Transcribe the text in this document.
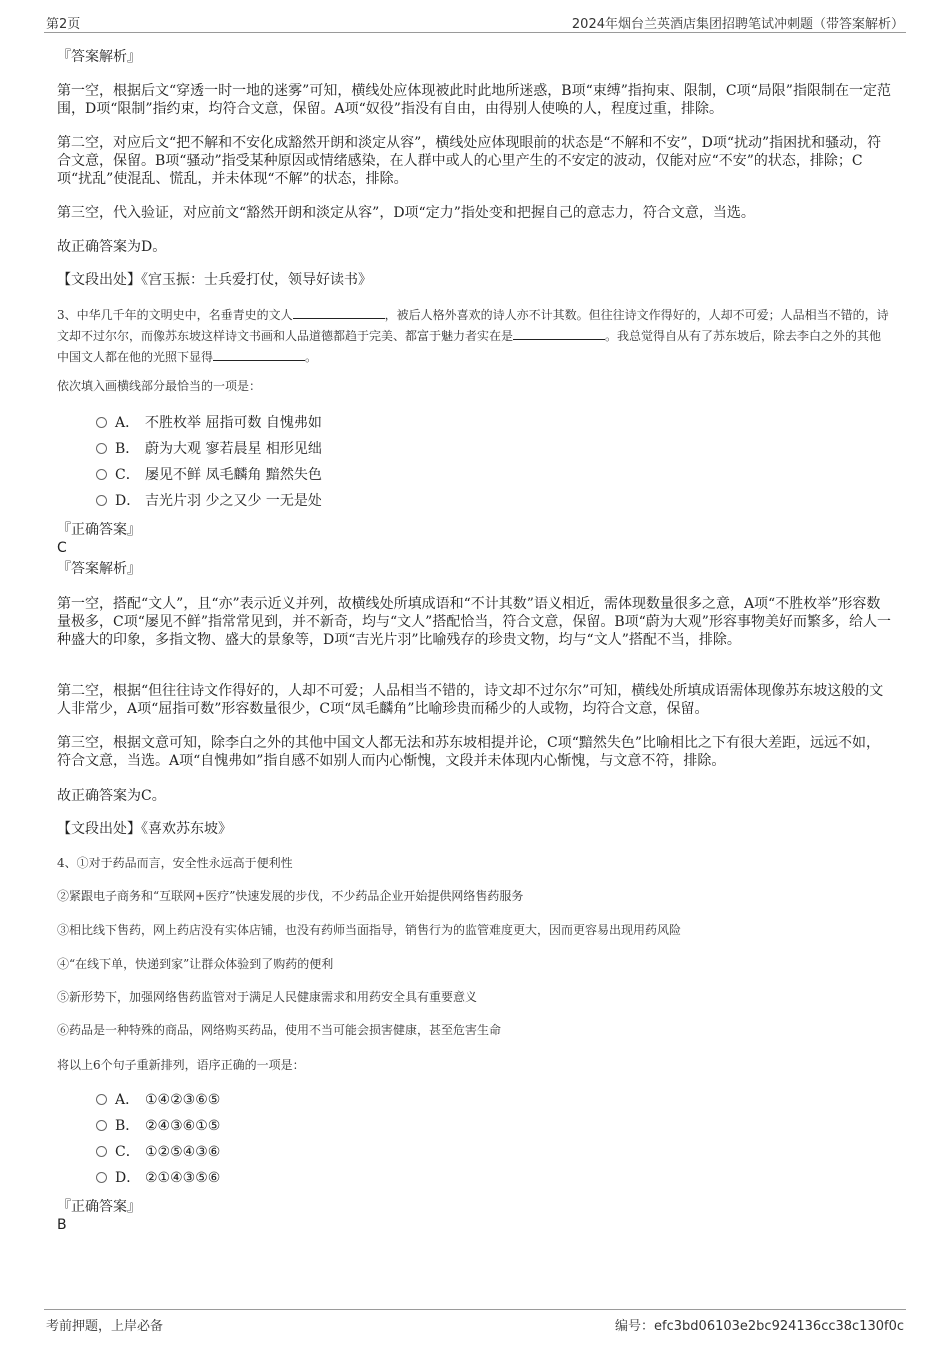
第2页	2024年烟台兰英酒店集团招聘笔试冲刺题（带答案解析）

『答案解析』

第一空，根据后文“穿透一时一地的迷雾”可知，横线处应体现被此时此地所迷惑，B项“束缚”指拘束、限制，C项“局限”指限制在一定范围，D项“限制”指约束，均符合文意，保留。A项“奴役”指没有自由，由得别人使唤的人，程度过重，排除。

第二空，对应后文“把不解和不安化成豁然开朗和淡定从容”，横线处应体现眼前的状态是“不解和不安”，D项“扰动”指困扰和骚动，符合文意，保留。B项“骚动”指受某种原因或情绪感染，在人群中或人的心里产生的不安定的波动，仅能对应“不安”的状态，排除；C项“扰乱”使混乱、慌乱，并未体现“不解”的状态，排除。

第三空，代入验证，对应前文“豁然开朗和淡定从容”，D项“定力”指处变和把握自己的意志力，符合文意，当选。

故正确答案为D。

【文段出处】《宫玉振：士兵爱打仗，领导好读书》

3、中华几千年的文明史中，名垂青史的文人	，被后人格外喜欢的诗人亦不计其数。但往往诗文作得好的，人却不可爱；人品相当不错的，诗文却不过尔尔，而像苏东坡这样诗文书画和人品道德都趋于完美、都富于魅力者实在是	。我总觉得自从有了苏东坡后，除去李白之外的其他中国文人都在他的光照下显得	。

依次填入画横线部分最恰当的一项是：

A． 不胜枚举 屈指可数 自愧弗如
B． 蔚为大观 寥若晨星 相形见绌
C． 屡见不鲜 凤毛麟角 黯然失色
D． 吉光片羽 少之又少 一无是处

『正确答案』

C

『答案解析』

第一空，搭配“文人”，且“亦”表示近义并列，故横线处所填成语和“不计其数”语义相近，需体现数量很多之意，A项“不胜枚举”形容数量极多，C项“屡见不鲜”指常常见到，并不新奇，均与“文人”搭配恰当，符合文意，保留。B项“蔚为大观”形容事物美好而繁多，给人一种盛大的印象，多指文物、盛大的景象等，D项“吉光片羽”比喻残存的珍贵文物，均与“文人”搭配不当，排除。

第二空，根据“但往往诗文作得好的，人却不可爱；人品相当不错的，诗文却不过尔尔”可知，横线处所填成语需体现像苏东坡这般的文人非常少，A项“屈指可数”形容数量很少，C项“凤毛麟角”比喻珍贵而稀少的人或物，均符合文意，保留。

第三空，根据文意可知，除李白之外的其他中国文人都无法和苏东坡相提并论，C项“黯然失色”比喻相比之下有很大差距，远远不如，符合文意，当选。A项“自愧弗如”指自感不如别人而内心惭愧，文段并未体现内心惭愧，与文意不符，排除。

故正确答案为C。

【文段出处】《喜欢苏东坡》

4、①对于药品而言，安全性永远高于便利性

②紧跟电子商务和“互联网+医疗”快速发展的步伐，不少药品企业开始提供网络售药服务

③相比线下售药，网上药店没有实体店铺，也没有药师当面指导，销售行为的监管难度更大，因而更容易出现用药风险

④“在线下单，快递到家”让群众体验到了购药的便利

⑤新形势下，加强网络售药监管对于满足人民健康需求和用药安全具有重要意义

⑥药品是一种特殊的商品，网络购买药品，使用不当可能会损害健康，甚至危害生命

将以上6个句子重新排列，语序正确的一项是：

A． ①④②③⑥⑤
B． ②④③⑥①⑤
C． ①②⑤④③⑥
D． ②①④③⑤⑥

『正确答案』

B

考前押题，上岸必备	编号：efc3bd06103e2bc924136cc38c130f0c
